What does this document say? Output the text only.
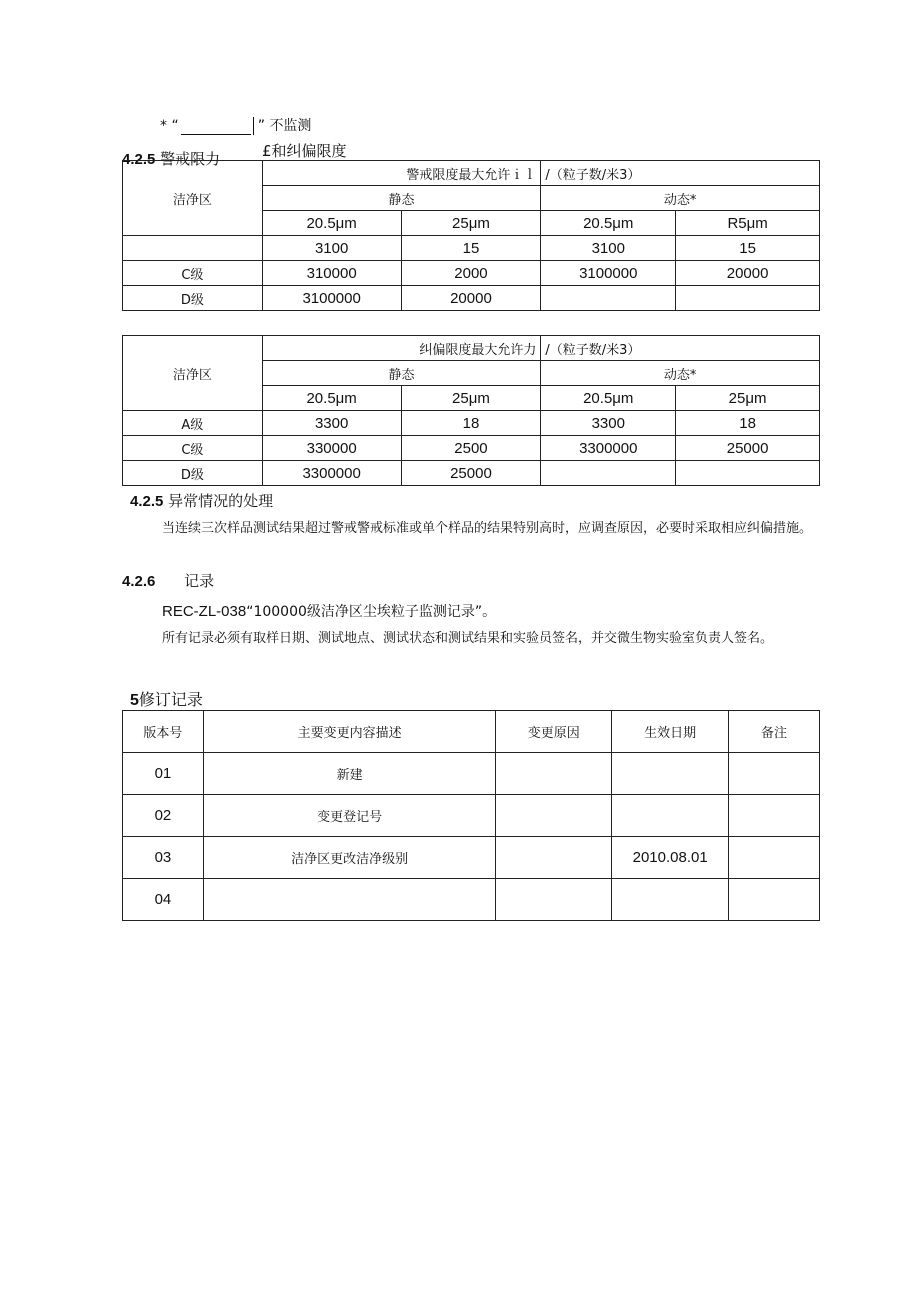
* “	” 不监测
4.2.5 警戒限力	£和纠偏限度
洁净区	警戒限度最大允许ｉｌ		/（粒子数/米3）	
	静态		动态*	
	20.5μm	25μm	20.5μm	R5μm
	3100	15	3100	15
C级	310000	2000	3100000	20000
D级	3100000	20000		
洁净区	纠偏限度最大允许力		/（粒子数/米3）	
	静态		动态*	
	20.5μm	25μm	20.5μm	25μm
A级	3300	18	3300	18
C级	330000	2500	3300000	25000
D级	3300000	25000		
4.2.5 异常情况的处理

当连续三次样品测试结果超过警戒警戒标准或单个样品的结果特别高时，应调查原因，必要时采取相应纠偏措施。

4.2.6 记录
REC-ZL-038“100000级洁净区尘埃粒子监测记录”。

所有记录必须有取样日期、测试地点、测试状态和测试结果和实验员签名，并交微生物实验室负责人签名。

5修订记录
版本号	主要变更内容描述	变更原因	生效日期	备注
01	新建			
02	变更登记号			
03	洁净区更改洁净级别		2010.08.01	
04				
